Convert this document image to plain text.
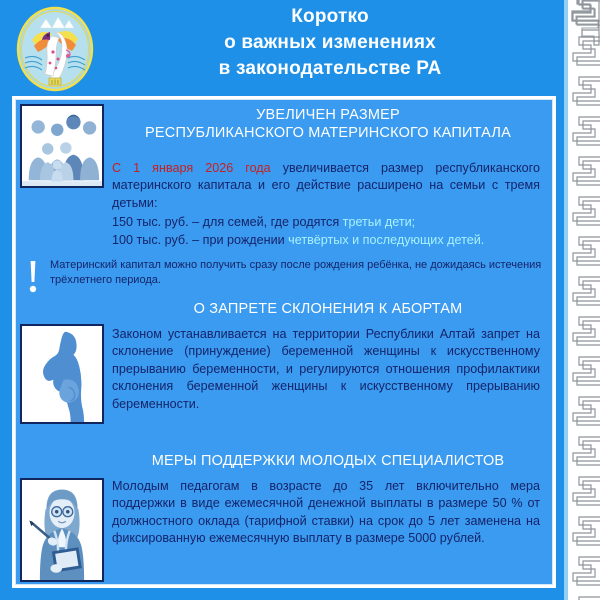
Коротко
о важных изменениях
в законодательстве РА
УВЕЛИЧЕН РАЗМЕР
РЕСПУБЛИКАНСКОГО МАТЕРИНСКОГО КАПИТАЛА
С 1 января 2026 года увеличивается размер республиканского материнского капитала и его действие расширено на семьи с тремя детьми:
150 тыс. руб. – для семей, где родятся третьи дети;
100 тыс. руб. – при рождении четвёртых и последующих детей.
Материнский капитал можно получить сразу после рождения ребёнка, не дожидаясь истечения трёхлетнего периода.
О ЗАПРЕТЕ СКЛОНЕНИЯ К АБОРТАМ
Законом устанавливается на территории Республики Алтай запрет на склонение (принуждение) беременной женщины к искусственному прерыванию беременности, и регулируются отношения профилактики склонения беременной женщины к искусственному прерыванию беременности.
МЕРЫ ПОДДЕРЖКИ МОЛОДЫХ СПЕЦИАЛИСТОВ
Молодым педагогам в возрасте до 35 лет включительно мера поддержки в виде ежемесячной денежной выплаты в размере 50 % от должностного оклада (тарифной ставки) на срок до 5 лет заменена на фиксированную ежемесячную выплату в размере 5000 рублей.
